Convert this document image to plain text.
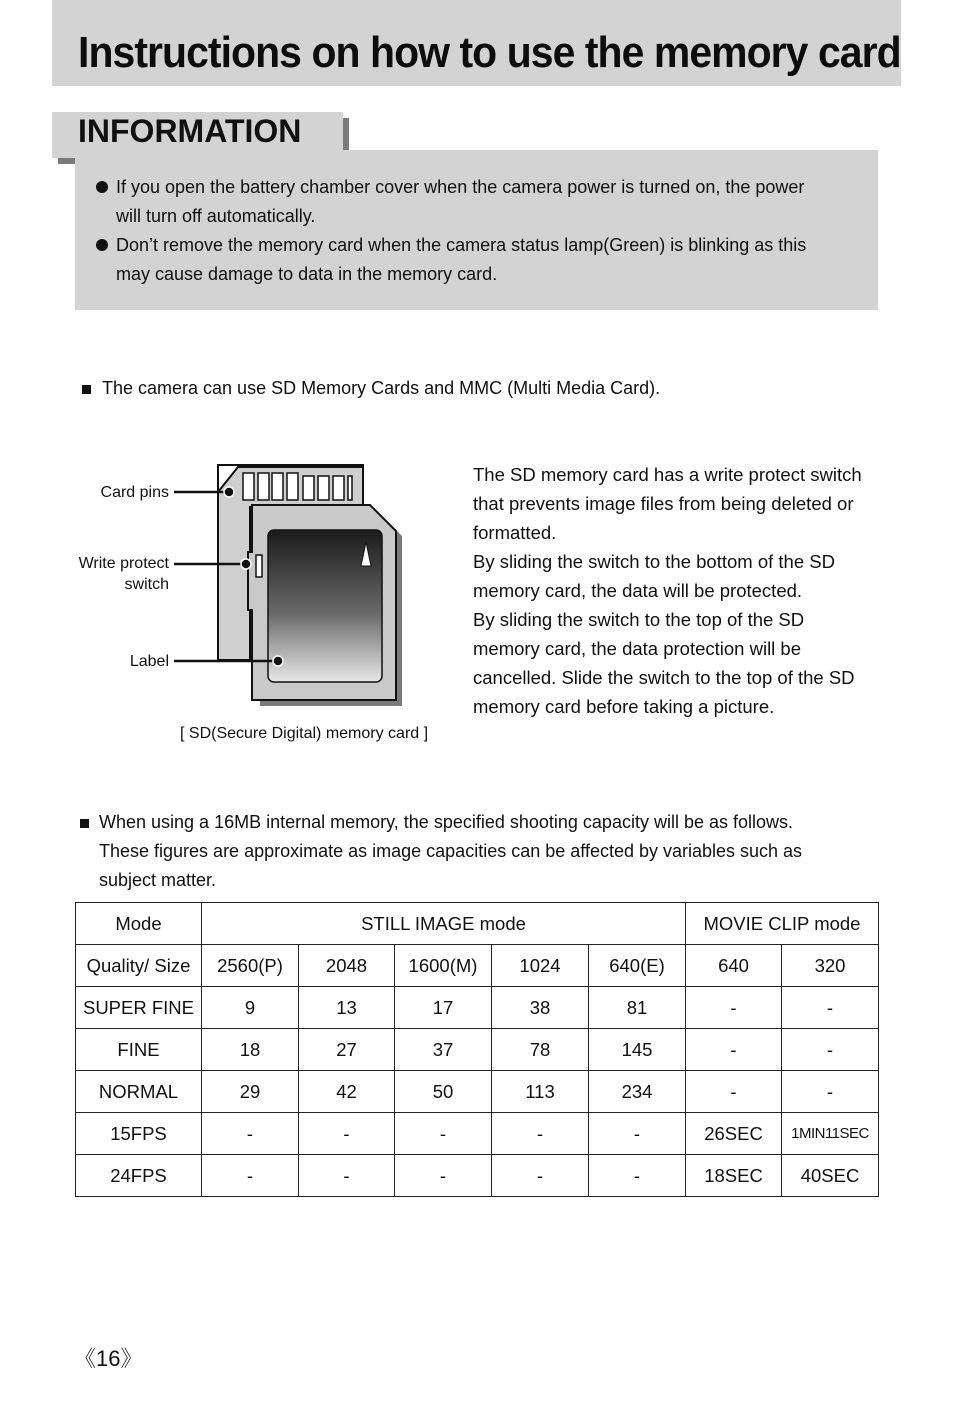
Instructions on how to use the memory card
INFORMATION
If you open the battery chamber cover when the camera power is turned on, the power
will turn off automatically.
Don’t remove the memory card when the camera status lamp(Green) is blinking as this
may cause damage to data in the memory card.
The camera can use SD Memory Cards and MMC (Multi Media Card).
Card pins
Write protect
switch
Label
[ SD(Secure Digital) memory card ]

The SD memory card has a write protect switch

that prevents image files from being deleted or

formatted.

By sliding the switch to the bottom of the SD

memory card, the data will be protected.

By sliding the switch to the top of the SD

memory card, the data protection will be

cancelled. Slide the switch to the top of the SD

memory card before taking a picture.

When using a 16MB internal memory, the specified shooting capacity will be as follows.
These figures are approximate as image capacities can be affected by variables such as
subject matter.
Mode	STILL IMAGE mode					MOVIE CLIP mode	
Quality/ Size	2560(P)	2048	1600(M)	1024	640(E)	640	320
SUPER FINE	9	13	17	38	81	-	-
FINE	18	27	37	78	145	-	-
NORMAL	29	42	50	113	234	-	-
15FPS	-	-	-	-	-	26SEC	1MIN11SEC
24FPS	-	-	-	-	-	18SEC	40SEC
《16》
